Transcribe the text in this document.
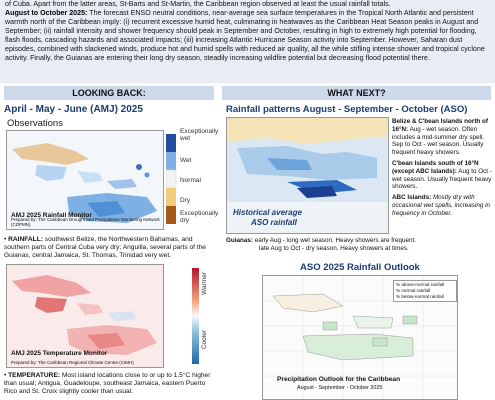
of Cuba. Apart from the latter areas, St-Barts and St-Martin, the Caribbean region observed at least the usual rainfall totals.

August to October 2025: The forecast ENSO neutral conditions, near-average sea surface temperatures in the Tropical North Atlantic and persistent warmth north of the Caribbean imply: (i) recurrent excessive humid heat, culminating in heatwaves as the Caribbean Heat Season peaks in August and September; (ii) rainfall intensity and shower frequency should peak in September and October, resulting in high to extremely high potential for flooding, flash floods, cascading hazards and associated impacts; (iii) increasing Atlantic Hurricane Season activity into September. However, Saharan dust episodes, combined with slackened winds, produce hot and humid spells with reduced air quality, all the while stifling intense shower and tropical cyclone activity. Finally, the Guianas are entering their long dry season, steadily increasing wildfire potential but decreasing flood potential there.

LOOKING BACK:	WHAT NEXT?
April - May - June (AMJ) 2025
Observations
AMJ 2025 Rainfall Monitor
Prepared by: The Caribbean Drought and Precipitation Monitoring Network (CDPMN)
Exceptionally wet
Wet
Normal
Dry
Exceptionally dry
• RAINFALL: southwest Belize, the Northwestern Bahamas, and southern parts of Central Cuba very dry; Anguilla, several parts of the Guianas, central Jamaica, St. Thomas, Trinidad very wet.
AMJ 2025 Temperature Monitor
Prepared by: The Caribbean Regional Climate Centre (CIMH)
Warmer
Cooler
• TEMPERATURE: Most island locations close to or up to 1.5°C higher than usual; Antigua, Guadeloupe, southeast Jamaica, eastern Puerto Rico and St. Croix slightly cooler than usual.
Rainfall patterns August - September - October (ASO)
Historical average
ASO rainfall
Belize & C'bean Islands north of 16°N: Aug - wet season. Often includes a mid-summer dry spell. Sep to Oct - wet season. Usually frequent heavy showers.
C'bean Islands south of 16°N (except ABC Islands): Aug to Oct - wet season. Usually frequent heavy showers.
ABC Islands: Mostly dry with occasional wet spells, increasing in frequency in October.
Guianas: early Aug - long wet season. Heavy showers are frequent.
late Aug to Oct - dry season. Heavy showers at times.
ASO 2025 Rainfall Outlook
% above-normal rainfall
% normal rainfall
% below-normal rainfall
Precipitation Outlook for the Caribbean
August - September - October 2025
